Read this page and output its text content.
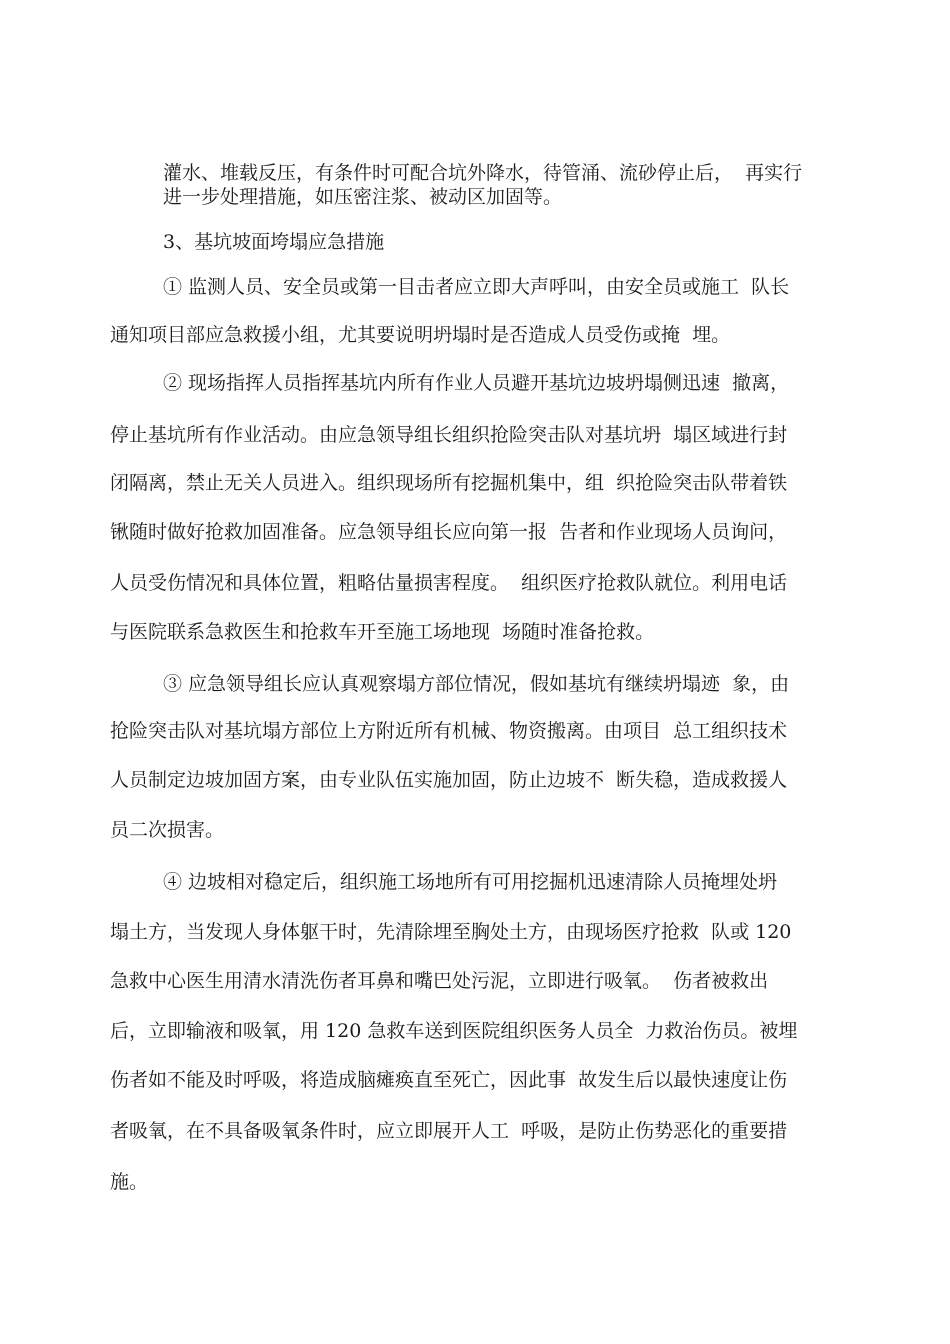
灌水、堆载反压，有条件时可配合坑外降水，待管涌、流砂停止后，  再实行

进一步处理措施，如压密注浆、被动区加固等。

3、基坑坡面垮塌应急措施

① 监测人员、安全员或第一目击者应立即大声呼叫，由安全员或施工  队长

通知项目部应急救援小组，尤其要说明坍塌时是否造成人员受伤或掩  埋。

② 现场指挥人员指挥基坑内所有作业人员避开基坑边坡坍塌侧迅速  撤离，

停止基坑所有作业活动。由应急领导组长组织抢险突击队对基坑坍  塌区域进行封

闭隔离，禁止无关人员进入。组织现场所有挖掘机集中，组  织抢险突击队带着铁

锹随时做好抢救加固准备。应急领导组长应向第一报  告者和作业现场人员询问，

人员受伤情况和具体位置，粗略估量损害程度。  组织医疗抢救队就位。利用电话

与医院联系急救医生和抢救车开至施工场地现  场随时准备抢救。

③ 应急领导组长应认真观察塌方部位情况，假如基坑有继续坍塌迹  象，由

抢险突击队对基坑塌方部位上方附近所有机械、物资搬离。由项目  总工组织技术

人员制定边坡加固方案，由专业队伍实施加固，防止边坡不  断失稳，造成救援人

员二次损害。

④ 边坡相对稳定后，组织施工场地所有可用挖掘机迅速清除人员掩埋处坍

塌土方，当发现人身体躯干时，先清除埋至胸处土方，由现场医疗抢救  队或 120

急救中心医生用清水清洗伤者耳鼻和嘴巴处污泥，立即进行吸氧。  伤者被救出

后，立即输液和吸氧，用 120 急救车送到医院组织医务人员全  力救治伤员。被埋

伤者如不能及时呼吸，将造成脑瘫痪直至死亡，因此事  故发生后以最快速度让伤

者吸氧，在不具备吸氧条件时，应立即展开人工  呼吸，是防止伤势恶化的重要措

施。
